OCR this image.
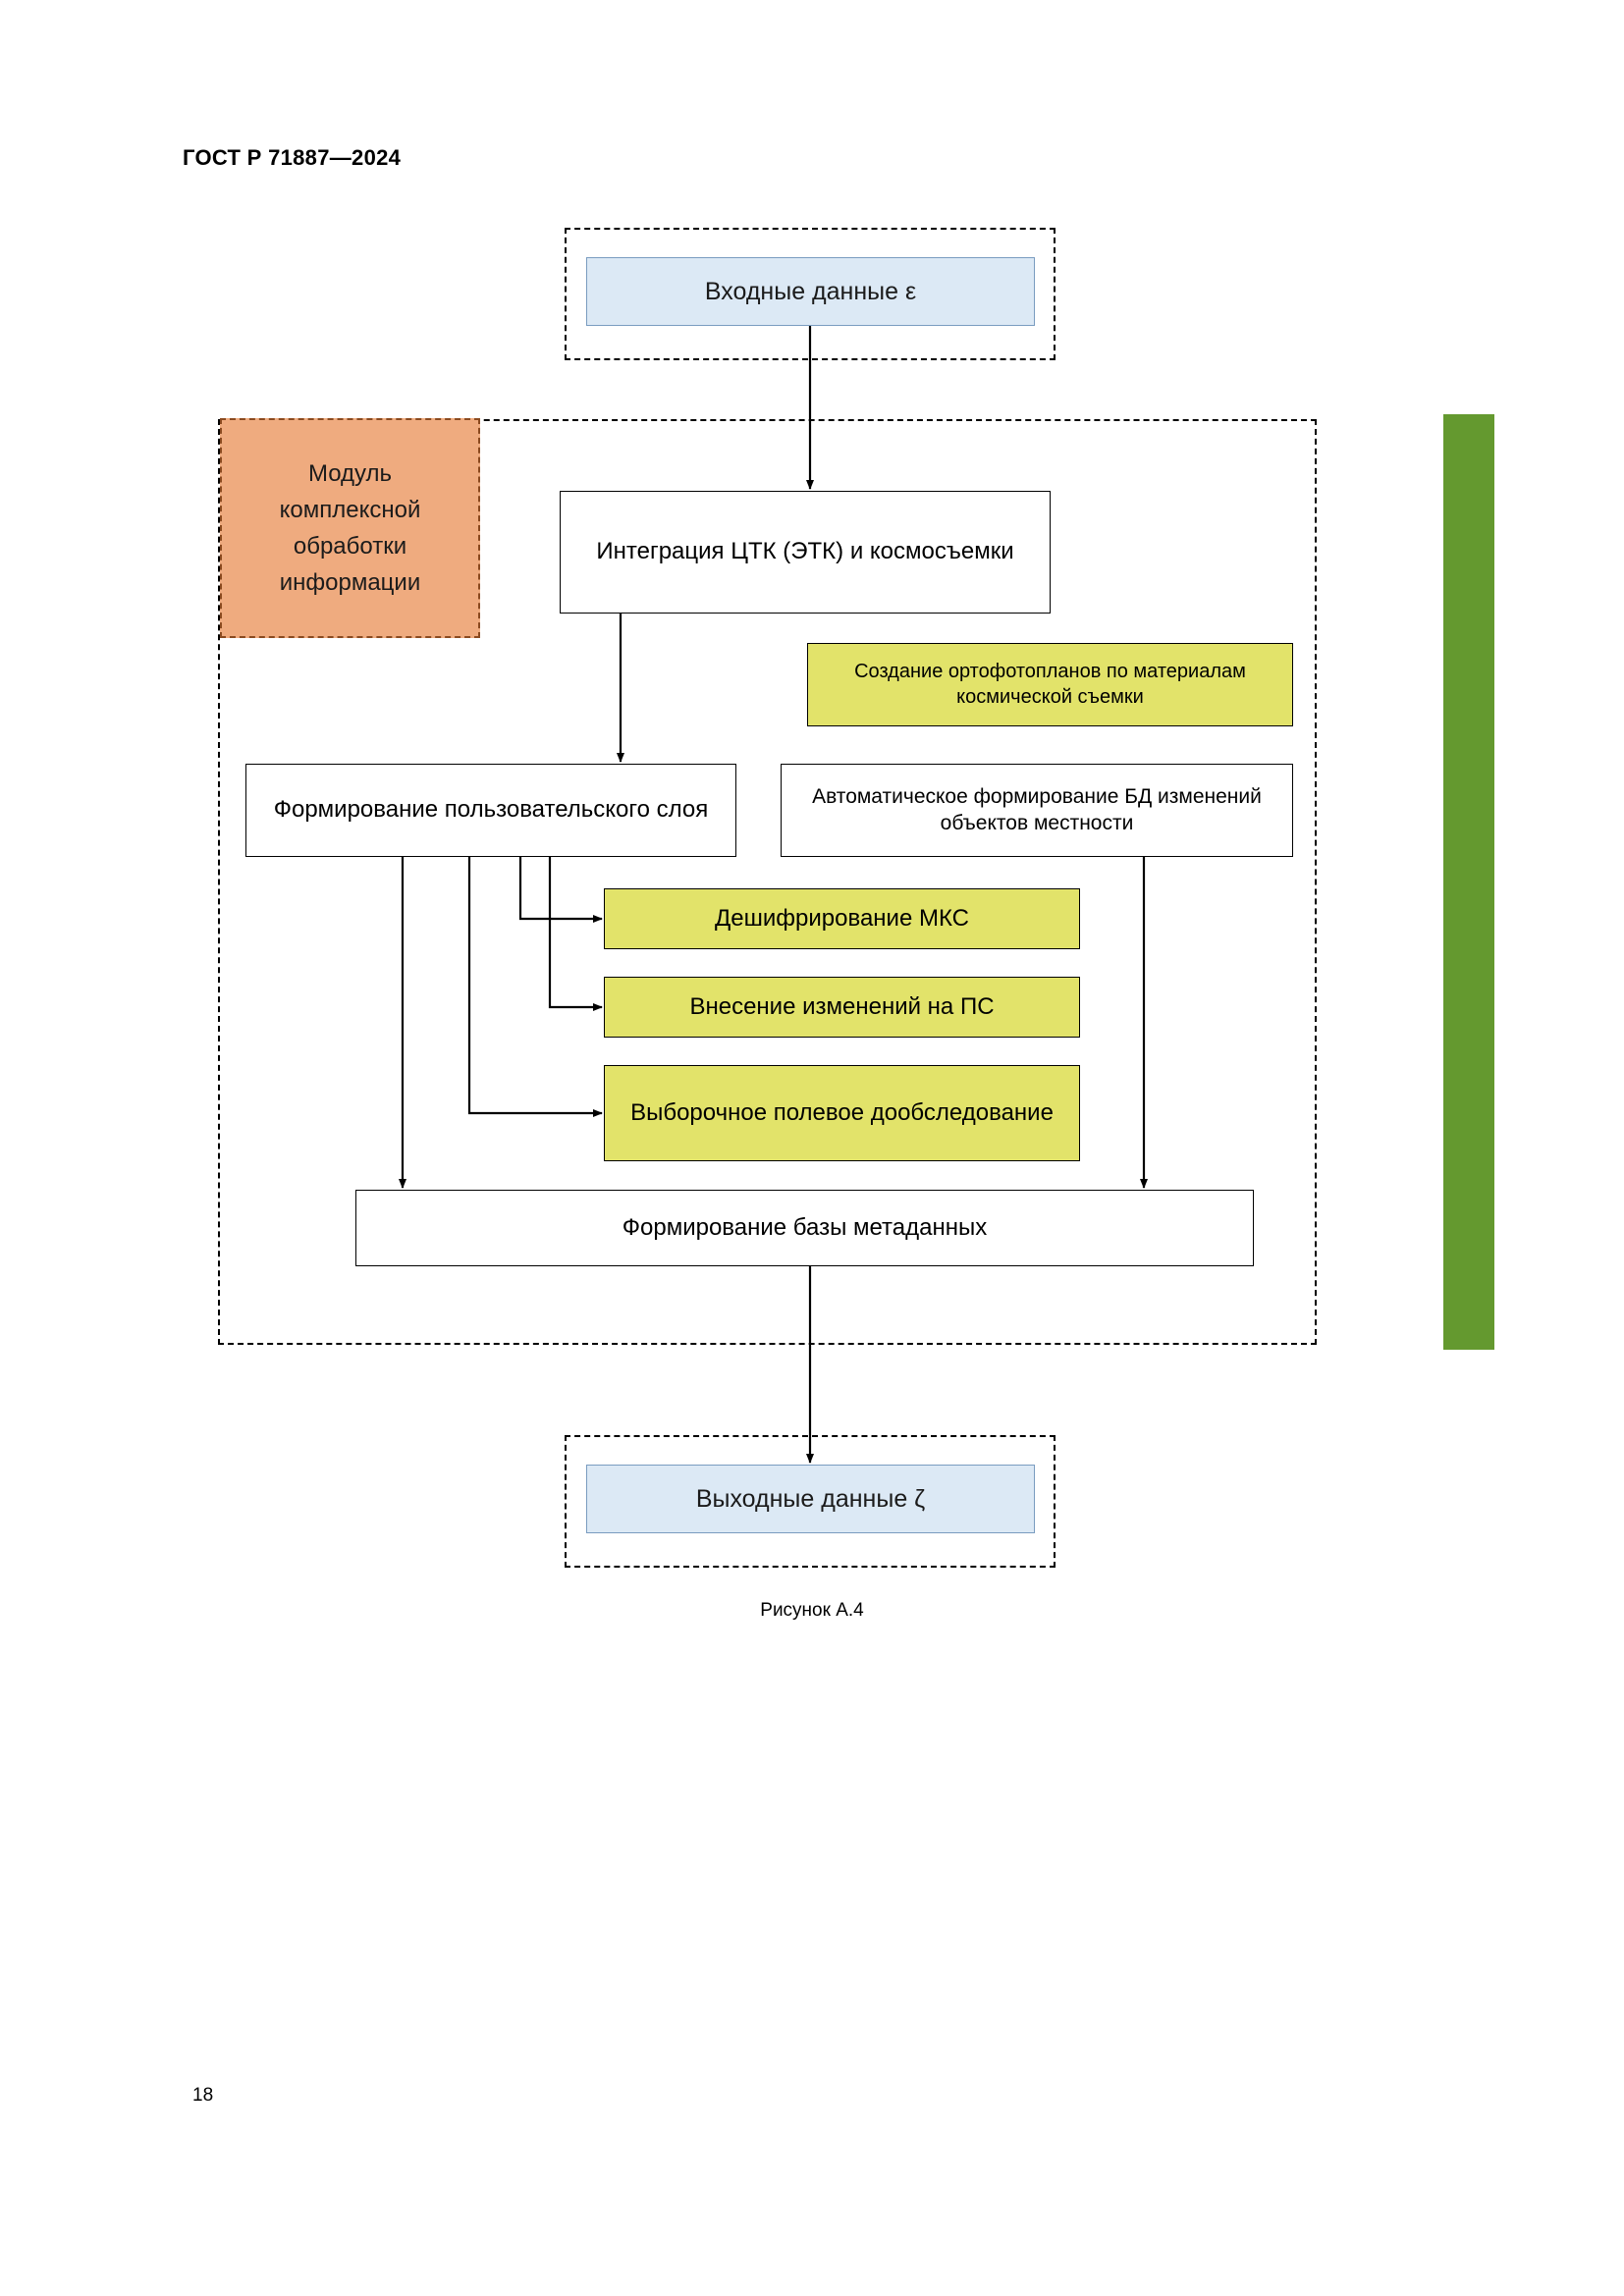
ГОСТ Р 71887—2024
18
Рисунок А.4
Входные данные ε
Модуль
комплексной
обработки
информации
Интеграция ЦТК (ЭТК) и космосъемки
Создание ортофотопланов по материалам космической съемки
Формирование пользовательского слоя
Автоматическое формирование БД изменений объектов местности
Дешифрирование МКС
Внесение изменений на ПС
Выборочное полевое дообследование
Формирование базы метаданных
Выходные данные ζ
